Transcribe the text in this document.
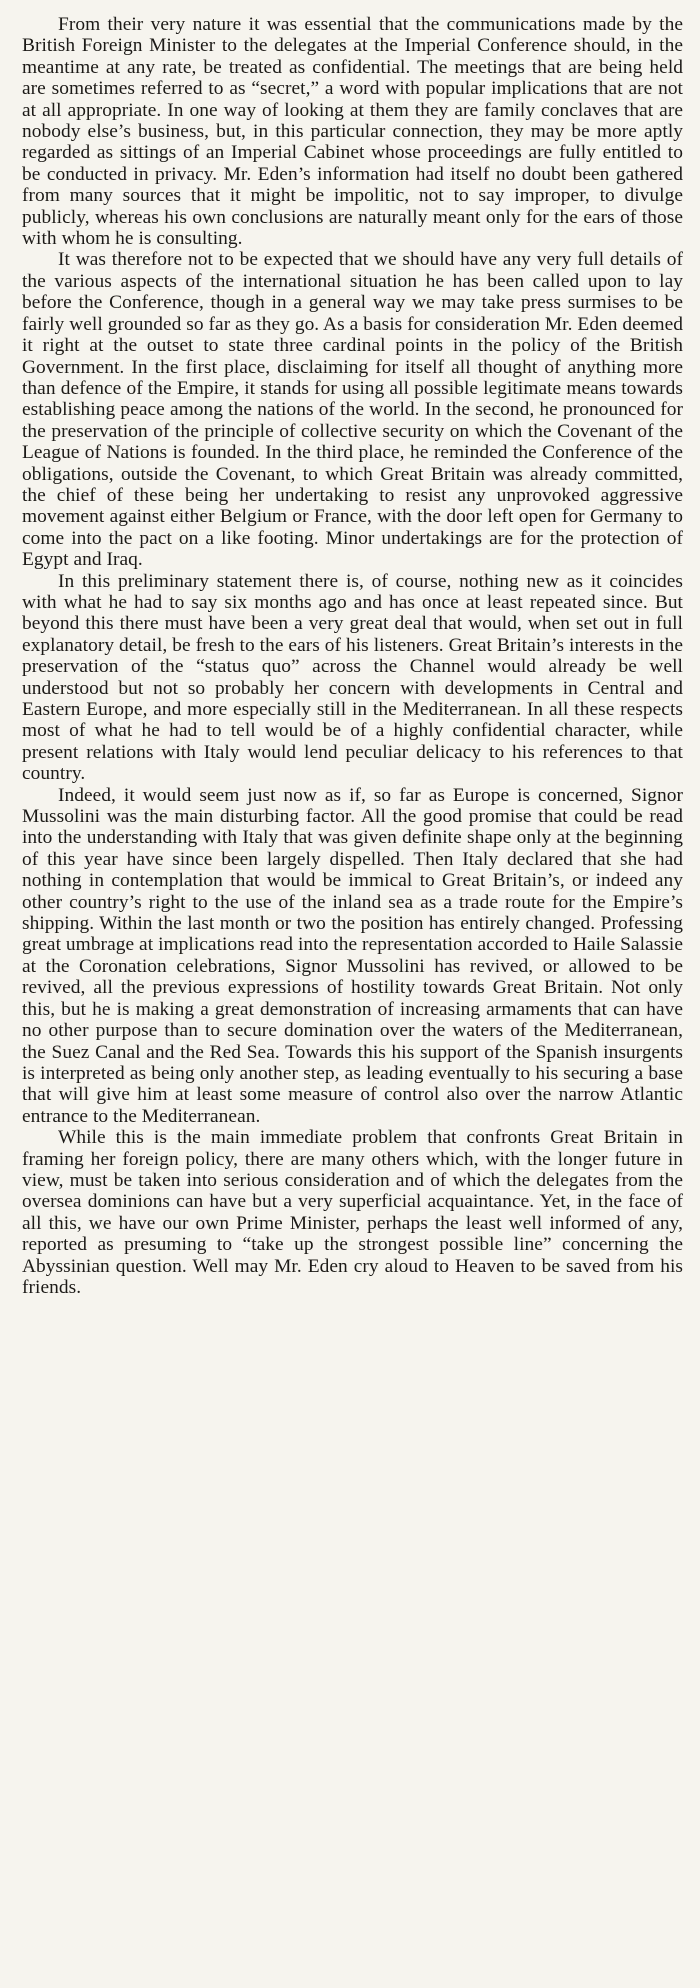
From their very nature it was essential that the communications made by the British Foreign Minister to the delegates at the Imperial Conference should, in the meantime at any rate, be treated as confidential. The meetings that are being held are sometimes referred to as “secret,” a word with popular implications that are not at all appropriate. In one way of looking at them they are family conclaves that are nobody else’s business, but, in this particular connection, they may be more aptly regarded as sittings of an Imperial Cabinet whose proceedings are fully entitled to be conducted in privacy. Mr. Eden’s information had itself no doubt been gathered from many sources that it might be impolitic, not to say improper, to divulge publicly, whereas his own conclusions are naturally meant only for the ears of those with whom he is consulting.

It was therefore not to be expected that we should have any very full details of the various aspects of the international situation he has been called upon to lay before the Conference, though in a general way we may take press surmises to be fairly well grounded so far as they go. As a basis for consideration Mr. Eden deemed it right at the outset to state three cardinal points in the policy of the British Government. In the first place, disclaiming for itself all thought of anything more than defence of the Empire, it stands for using all possible legitimate means towards establishing peace among the nations of the world. In the second, he pronounced for the preservation of the principle of collective security on which the Covenant of the League of Nations is founded. In the third place, he reminded the Conference of the obligations, outside the Covenant, to which Great Britain was already committed, the chief of these being her undertaking to resist any unprovoked aggressive movement against either Belgium or France, with the door left open for Germany to come into the pact on a like footing. Minor undertakings are for the protection of Egypt and Iraq.

In this preliminary statement there is, of course, nothing new as it coincides with what he had to say six months ago and has once at least repeated since. But beyond this there must have been a very great deal that would, when set out in full explanatory detail, be fresh to the ears of his listeners. Great Britain’s interests in the preservation of the “status quo” across the Channel would already be well understood but not so probably her concern with developments in Central and Eastern Europe, and more especially still in the Mediterranean. In all these respects most of what he had to tell would be of a highly confidential character, while present relations with Italy would lend peculiar delicacy to his references to that country.

Indeed, it would seem just now as if, so far as Europe is concerned, Signor Mussolini was the main disturbing factor. All the good promise that could be read into the understanding with Italy that was given definite shape only at the beginning of this year have since been largely dispelled. Then Italy declared that she had nothing in contemplation that would be immical to Great Britain’s, or indeed any other country’s right to the use of the inland sea as a trade route for the Empire’s shipping. Within the last month or two the position has entirely changed. Professing great umbrage at implications read into the representation accorded to Haile Salassie at the Coronation celebrations, Signor Mussolini has revived, or allowed to be revived, all the previous expressions of hostility towards Great Britain. Not only this, but he is making a great demonstration of increasing armaments that can have no other purpose than to secure domination over the waters of the Mediterranean, the Suez Canal and the Red Sea. Towards this his support of the Spanish insurgents is interpreted as being only another step, as leading eventually to his securing a base that will give him at least some measure of control also over the narrow Atlantic entrance to the Mediterranean.

While this is the main immediate problem that confronts Great Britain in framing her foreign policy, there are many others which, with the longer future in view, must be taken into serious consideration and of which the delegates from the oversea dominions can have but a very superficial acquaintance. Yet, in the face of all this, we have our own Prime Minister, perhaps the least well informed of any, reported as presuming to “take up the strongest possible line” concerning the Abyssinian question. Well may Mr. Eden cry aloud to Heaven to be saved from his friends.
